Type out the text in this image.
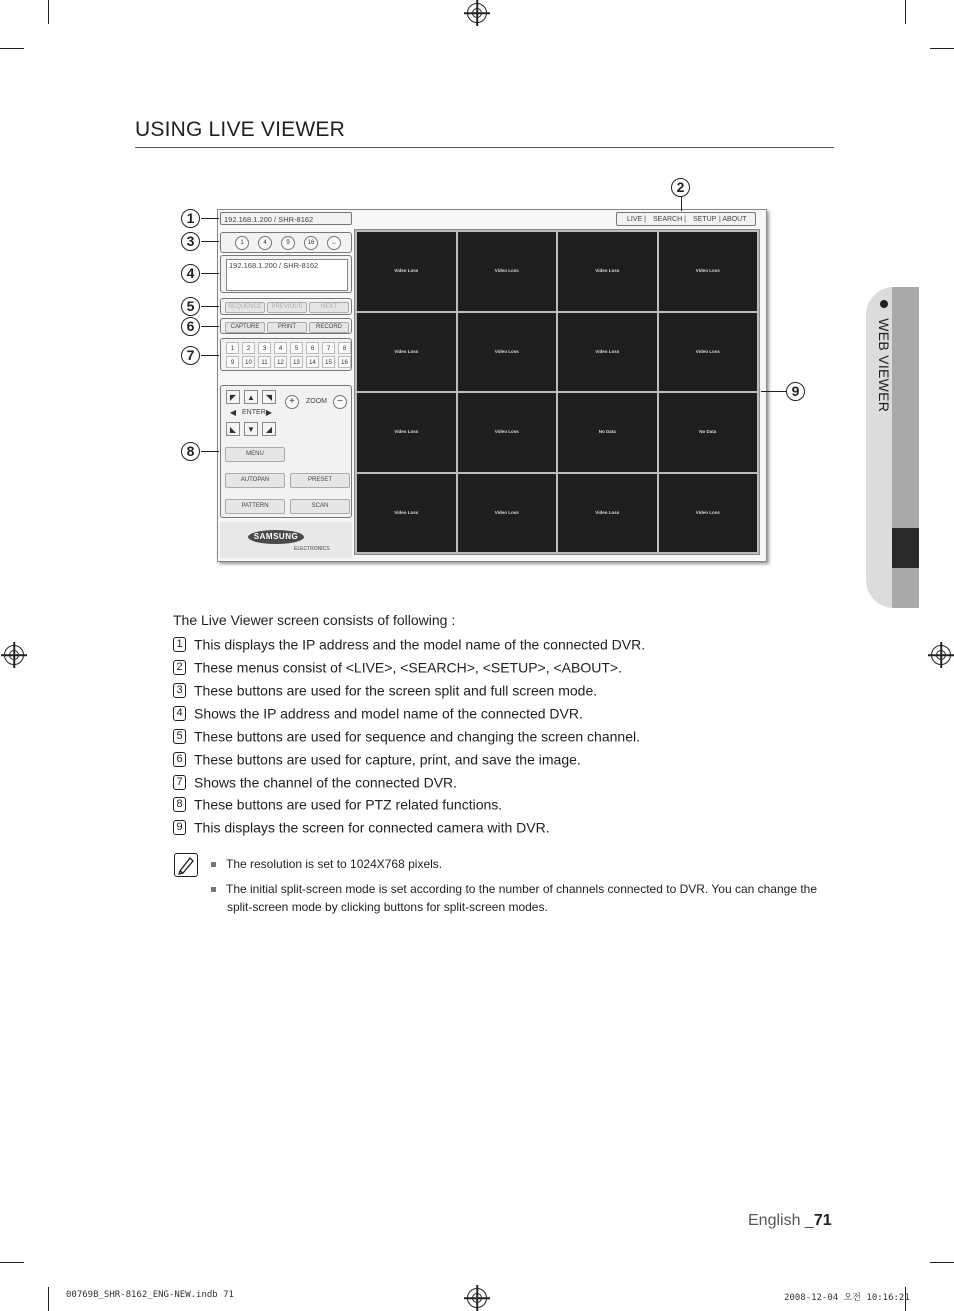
USING LIVE VIEWER
WEB VIEWER
192.168.1.200 / SHR-8162	LIVE | SEARCH | SETUP | ABOUT
1	4	9	16	↔
192.168.1.200 / SHR-8162
SEQUENCE	PREVIOUS	NEXT
CAPTURE	PRINT	RECORD
1	2	3	4	5	6	7	8
9	10	11	12	13	14	15	16
◤	▲	◥
◀ ENTER ▶
◣	▼	◢
+	ZOOM	−
MENU
AUTOPAN	PRESET
PATTERN	SCAN
SAMSUNG
ELECTRONICS
Video Loss	Video Loss	Video Loss	Video Loss
Video Loss	Video Loss	Video Loss	Video Loss
Video Loss	Video Loss	No Data	No Data
Video Loss	Video Loss	Video Loss	Video Loss
1
2
3
4
5
6
7
8
9
The Live Viewer screen consists of following :
1 This displays the IP address and the model name of the connected DVR.
2 These menus consist of <LIVE>, <SEARCH>, <SETUP>, <ABOUT>.
3 These buttons are used for the screen split and full screen mode.
4 Shows the IP address and model name of the connected DVR.
5 These buttons are used for sequence and changing the screen channel.
6 These buttons are used for capture, print, and save the image.
7 Shows the channel of the connected DVR.
8 These buttons are used for PTZ related functions.
9 This displays the screen for connected camera with DVR.
The resolution is set to 1024X768 pixels.
The initial split-screen mode is set according to the number of channels connected to DVR. You can change the
split-screen mode by clicking buttons for split-screen modes.
English _71
00769B_SHR-8162_ENG-NEW.indb 71	2008-12-04 오전 10:16:21
